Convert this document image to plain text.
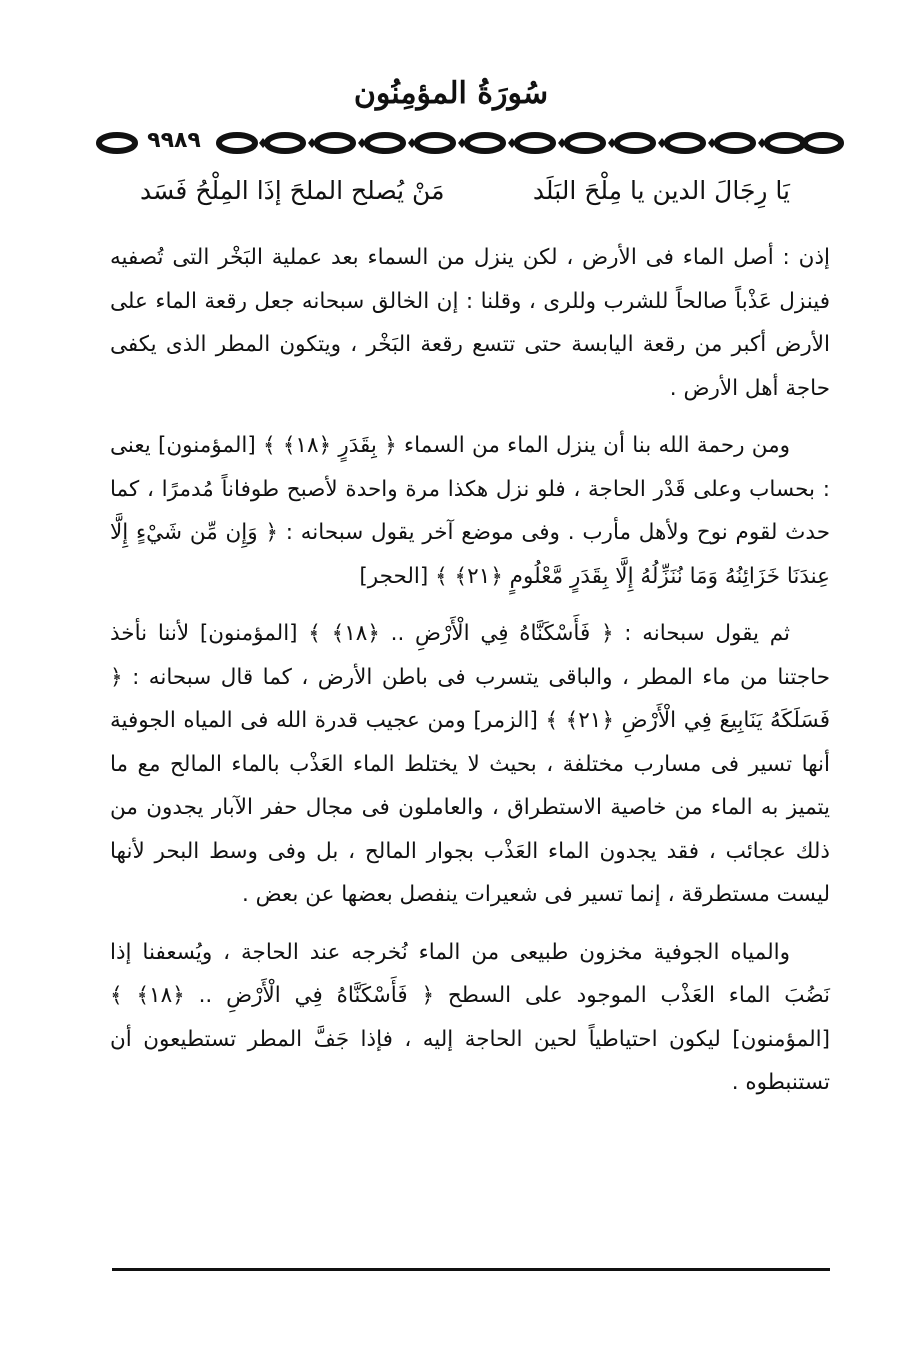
سُورَةُ المؤمِنُون
٩٩٨٩
يَا رِجَالَ الدين يا مِلْحَ البَلَد
مَنْ يُصلح الملحَ إذَا المِلْحُ فَسَد

إذن : أصل الماء فى الأرض ، لكن ينزل من السماء بعد عملية البَخْر التى تُصفيه فينزل عَذْباً صالحاً للشرب وللرى ، وقلنا : إن الخالق سبحانه جعل رقعة الماء على الأرض أكبر من رقعة اليابسة حتى تتسع رقعة البَخْر ، ويتكون المطر الذى يكفى حاجة أهل الأرض .

ومن رحمة الله بنا أن ينزل الماء من السماء ﴿ بِقَدَرٍ ﴿١٨﴾ ﴾ [المؤمنون] يعنى : بحساب وعلى قَدْر الحاجة ، فلو نزل هكذا مرة واحدة لأصبح طوفاناً مُدمرًا ، كما حدث لقوم نوح ولأهل مأرب . وفى موضع آخر يقول سبحانه : ﴿ وَإِن مِّن شَيْءٍ إِلَّا عِندَنَا خَزَائِنُهُ وَمَا نُنَزِّلُهُ إِلَّا بِقَدَرٍ مَّعْلُومٍ ﴿٢١﴾ ﴾ [الحجر]

ثم يقول سبحانه : ﴿ فَأَسْكَنَّاهُ فِي الْأَرْضِ .. ﴿١٨﴾ ﴾ [المؤمنون] لأننا نأخذ حاجتنا من ماء المطر ، والباقى يتسرب فى باطن الأرض ، كما قال سبحانه : ﴿ فَسَلَكَهُ يَنَابِيعَ فِي الْأَرْضِ ﴿٢١﴾ ﴾ [الزمر] ومن عجيب قدرة الله فى المياه الجوفية أنها تسير فى مسارب مختلفة ، بحيث لا يختلط الماء العَذْب بالماء المالح مع ما يتميز به الماء من خاصية الاستطراق ، والعاملون فى مجال حفر الآبار يجدون من ذلك عجائب ، فقد يجدون الماء العَذْب بجوار المالح ، بل وفى وسط البحر لأنها ليست مستطرقة ، إنما تسير فى شعيرات ينفصل بعضها عن بعض .

والمياه الجوفية مخزون طبيعى من الماء نُخرجه عند الحاجة ، ويُسعفنا إذا نَضُبَ الماء العَذْب الموجود على السطح ﴿ فَأَسْكَنَّاهُ فِي الْأَرْضِ .. ﴿١٨﴾ ﴾ [المؤمنون] ليكون احتياطياً لحين الحاجة إليه ، فإذا جَفَّ المطر تستطيعون أن تستنبطوه .
